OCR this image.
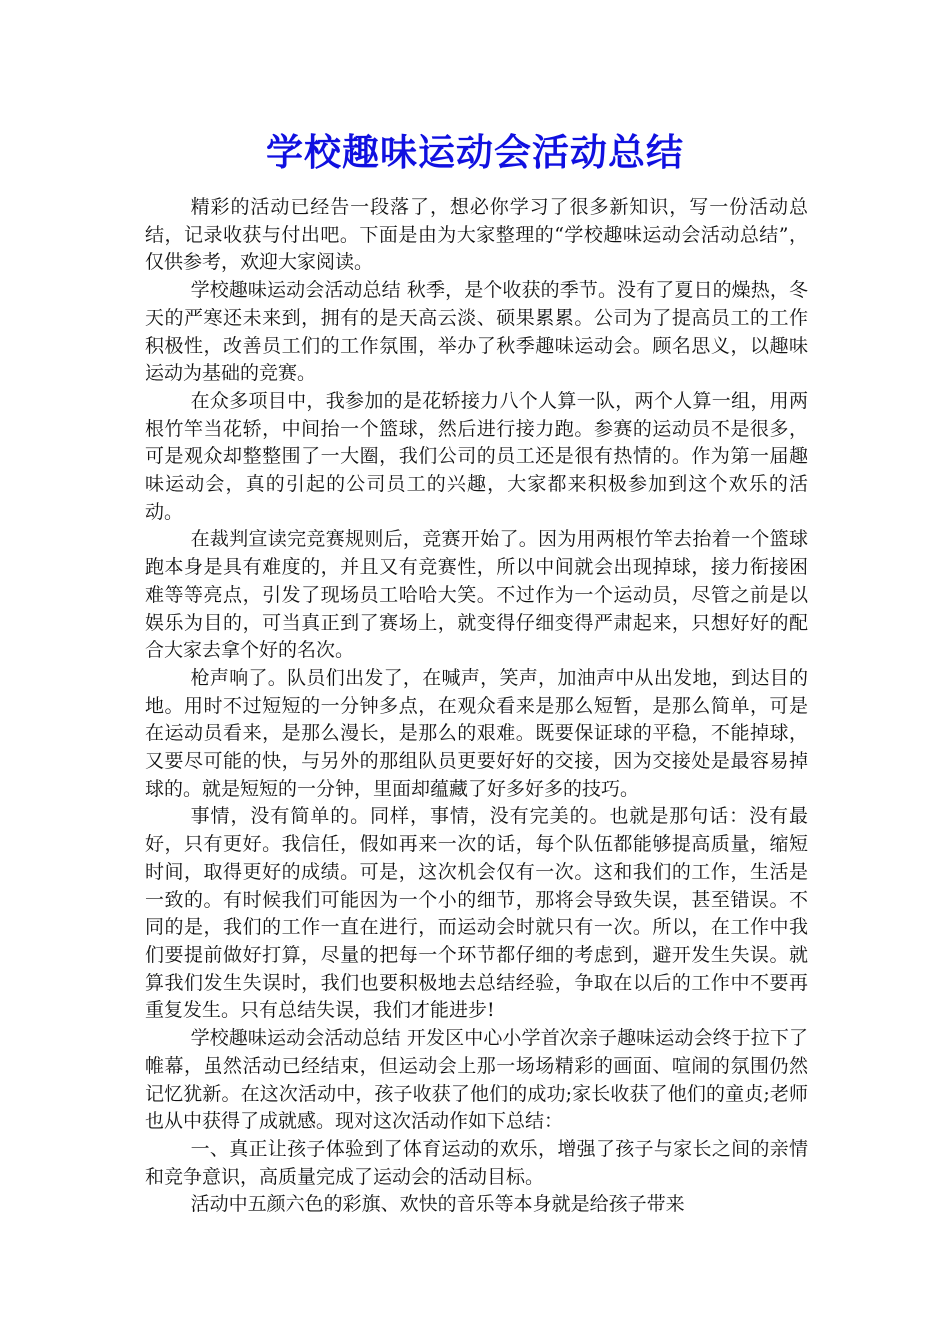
学校趣味运动会活动总结

精彩的活动已经告一段落了，想必你学习了很多新知识，写一份活动总结，记录收获与付出吧。下面是由为大家整理的“学校趣味运动会活动总结”，仅供参考，欢迎大家阅读。

学校趣味运动会活动总结 秋季，是个收获的季节。没有了夏日的燥热，冬天的严寒还未来到，拥有的是天高云淡、硕果累累。公司为了提高员工的工作积极性，改善员工们的工作氛围，举办了秋季趣味运动会。顾名思义，以趣味运动为基础的竞赛。

在众多项目中，我参加的是花轿接力八个人算一队，两个人算一组，用两根竹竿当花轿，中间抬一个篮球，然后进行接力跑。参赛的运动员不是很多，可是观众却整整围了一大圈，我们公司的员工还是很有热情的。作为第一届趣味运动会，真的引起的公司员工的兴趣，大家都来积极参加到这个欢乐的活动。

在裁判宣读完竞赛规则后，竞赛开始了。因为用两根竹竿去抬着一个篮球跑本身是具有难度的，并且又有竞赛性，所以中间就会出现掉球，接力衔接困难等等亮点，引发了现场员工哈哈大笑。不过作为一个运动员，尽管之前是以娱乐为目的，可当真正到了赛场上，就变得仔细变得严肃起来，只想好好的配合大家去拿个好的名次。

枪声响了。队员们出发了，在喊声，笑声，加油声中从出发地，到达目的地。用时不过短短的一分钟多点，在观众看来是那么短暂，是那么简单，可是在运动员看来，是那么漫长，是那么的艰难。既要保证球的平稳，不能掉球，又要尽可能的快，与另外的那组队员更要好好的交接，因为交接处是最容易掉球的。就是短短的一分钟，里面却蕴藏了好多好多的技巧。

事情，没有简单的。同样，事情，没有完美的。也就是那句话：没有最好，只有更好。我信任，假如再来一次的话，每个队伍都能够提高质量，缩短时间，取得更好的成绩。可是，这次机会仅有一次。这和我们的工作，生活是一致的。有时候我们可能因为一个小的细节，那将会导致失误，甚至错误。不同的是，我们的工作一直在进行，而运动会时就只有一次。所以，在工作中我们要提前做好打算，尽量的把每一个环节都仔细的考虑到，避开发生失误。就算我们发生失误时，我们也要积极地去总结经验，争取在以后的工作中不要再重复发生。只有总结失误，我们才能进步!

学校趣味运动会活动总结 开发区中心小学首次亲子趣味运动会终于拉下了帷幕，虽然活动已经结束，但运动会上那一场场精彩的画面、喧闹的氛围仍然记忆犹新。在这次活动中，孩子收获了他们的成功;家长收获了他们的童贞;老师也从中获得了成就感。现对这次活动作如下总结：

一、真正让孩子体验到了体育运动的欢乐，增强了孩子与家长之间的亲情和竞争意识，高质量完成了运动会的活动目标。

活动中五颜六色的彩旗、欢快的音乐等本身就是给孩子带来
